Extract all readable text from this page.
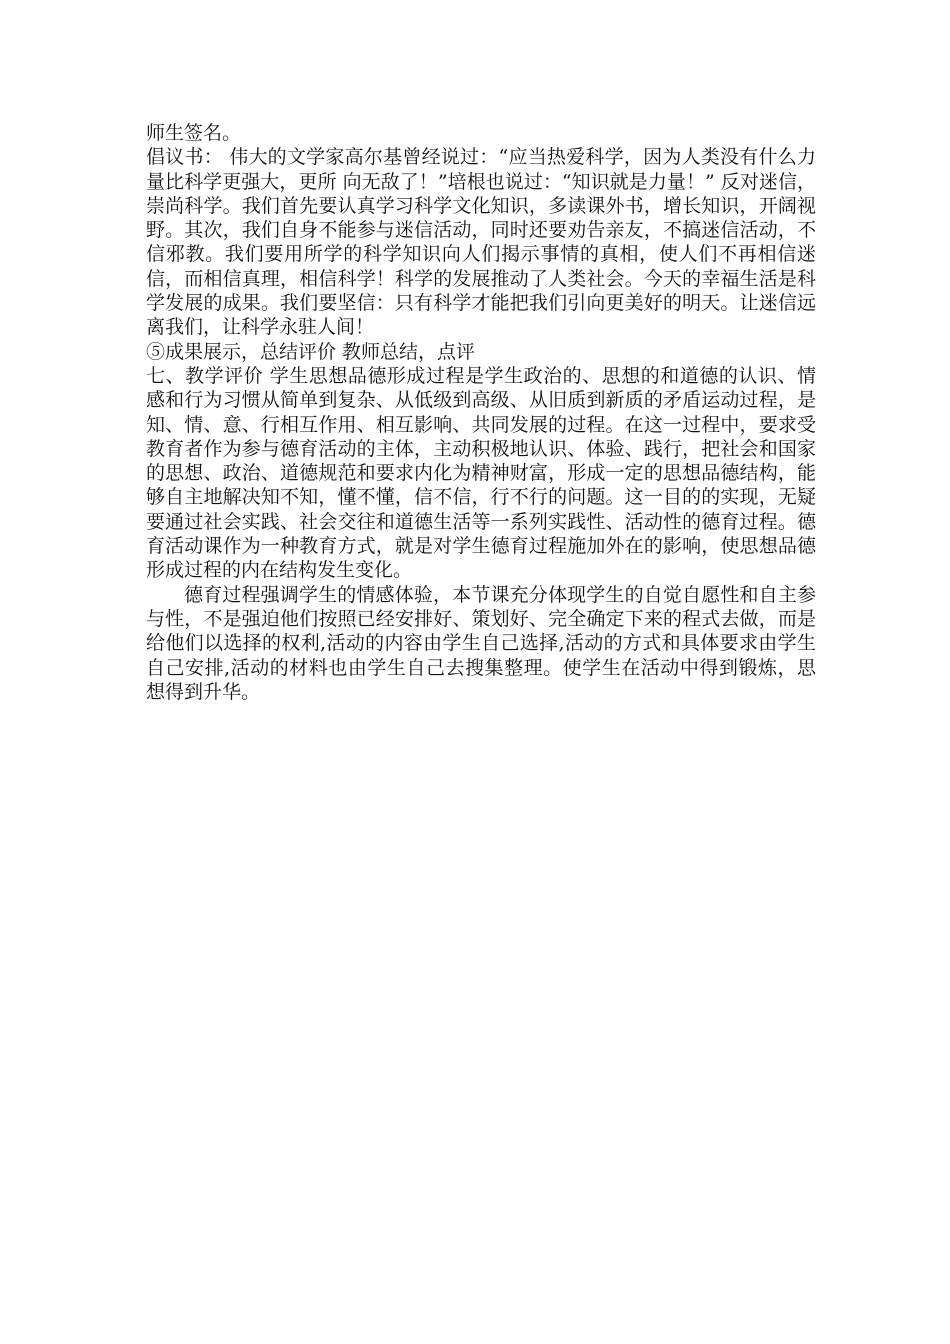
师生签名。

倡议书： 伟大的文学家高尔基曾经说过：“应当热爱科学，因为人类没有什么力量比科学更强大，更所 向无敌了！”培根也说过：“知识就是力量！” 反对迷信，崇尚科学。我们首先要认真学习科学文化知识，多读课外书，增长知识，开阔视野。其次，我们自身不能参与迷信活动，同时还要劝告亲友，不搞迷信活动，不信邪教。我们要用所学的科学知识向人们揭示事情的真相，使人们不再相信迷信，而相信真理，相信科学！科学的发展推动了人类社会。今天的幸福生活是科学发展的成果。我们要坚信：只有科学才能把我们引向更美好的明天。让迷信远离我们，让科学永驻人间！

⑤成果展示，总结评价 教师总结，点评

七、教学评价 学生思想品德形成过程是学生政治的、思想的和道德的认识、情感和行为习惯从简单到复杂、从低级到高级、从旧质到新质的矛盾运动过程，是知、情、意、行相互作用、相互影响、共同发展的过程。在这一过程中，要求受教育者作为参与德育活动的主体，主动积极地认识、体验、践行，把社会和国家的思想、政治、道德规范和要求内化为精神财富，形成一定的思想品德结构，能够自主地解决知不知，懂不懂，信不信，行不行的问题。这一目的的实现，无疑要通过社会实践、社会交往和道德生活等一系列实践性、活动性的德育过程。德育活动课作为一种教育方式，就是对学生德育过程施加外在的影响，使思想品德形成过程的内在结构发生变化。

德育过程强调学生的情感体验，本节课充分体现学生的自觉自愿性和自主参与性，不是强迫他们按照已经安排好、策划好、完全确定下来的程式去做，而是给他们以选择的权利,活动的内容由学生自己选择,活动的方式和具体要求由学生自己安排,活动的材料也由学生自己去搜集整理。使学生在活动中得到锻炼，思想得到升华。
